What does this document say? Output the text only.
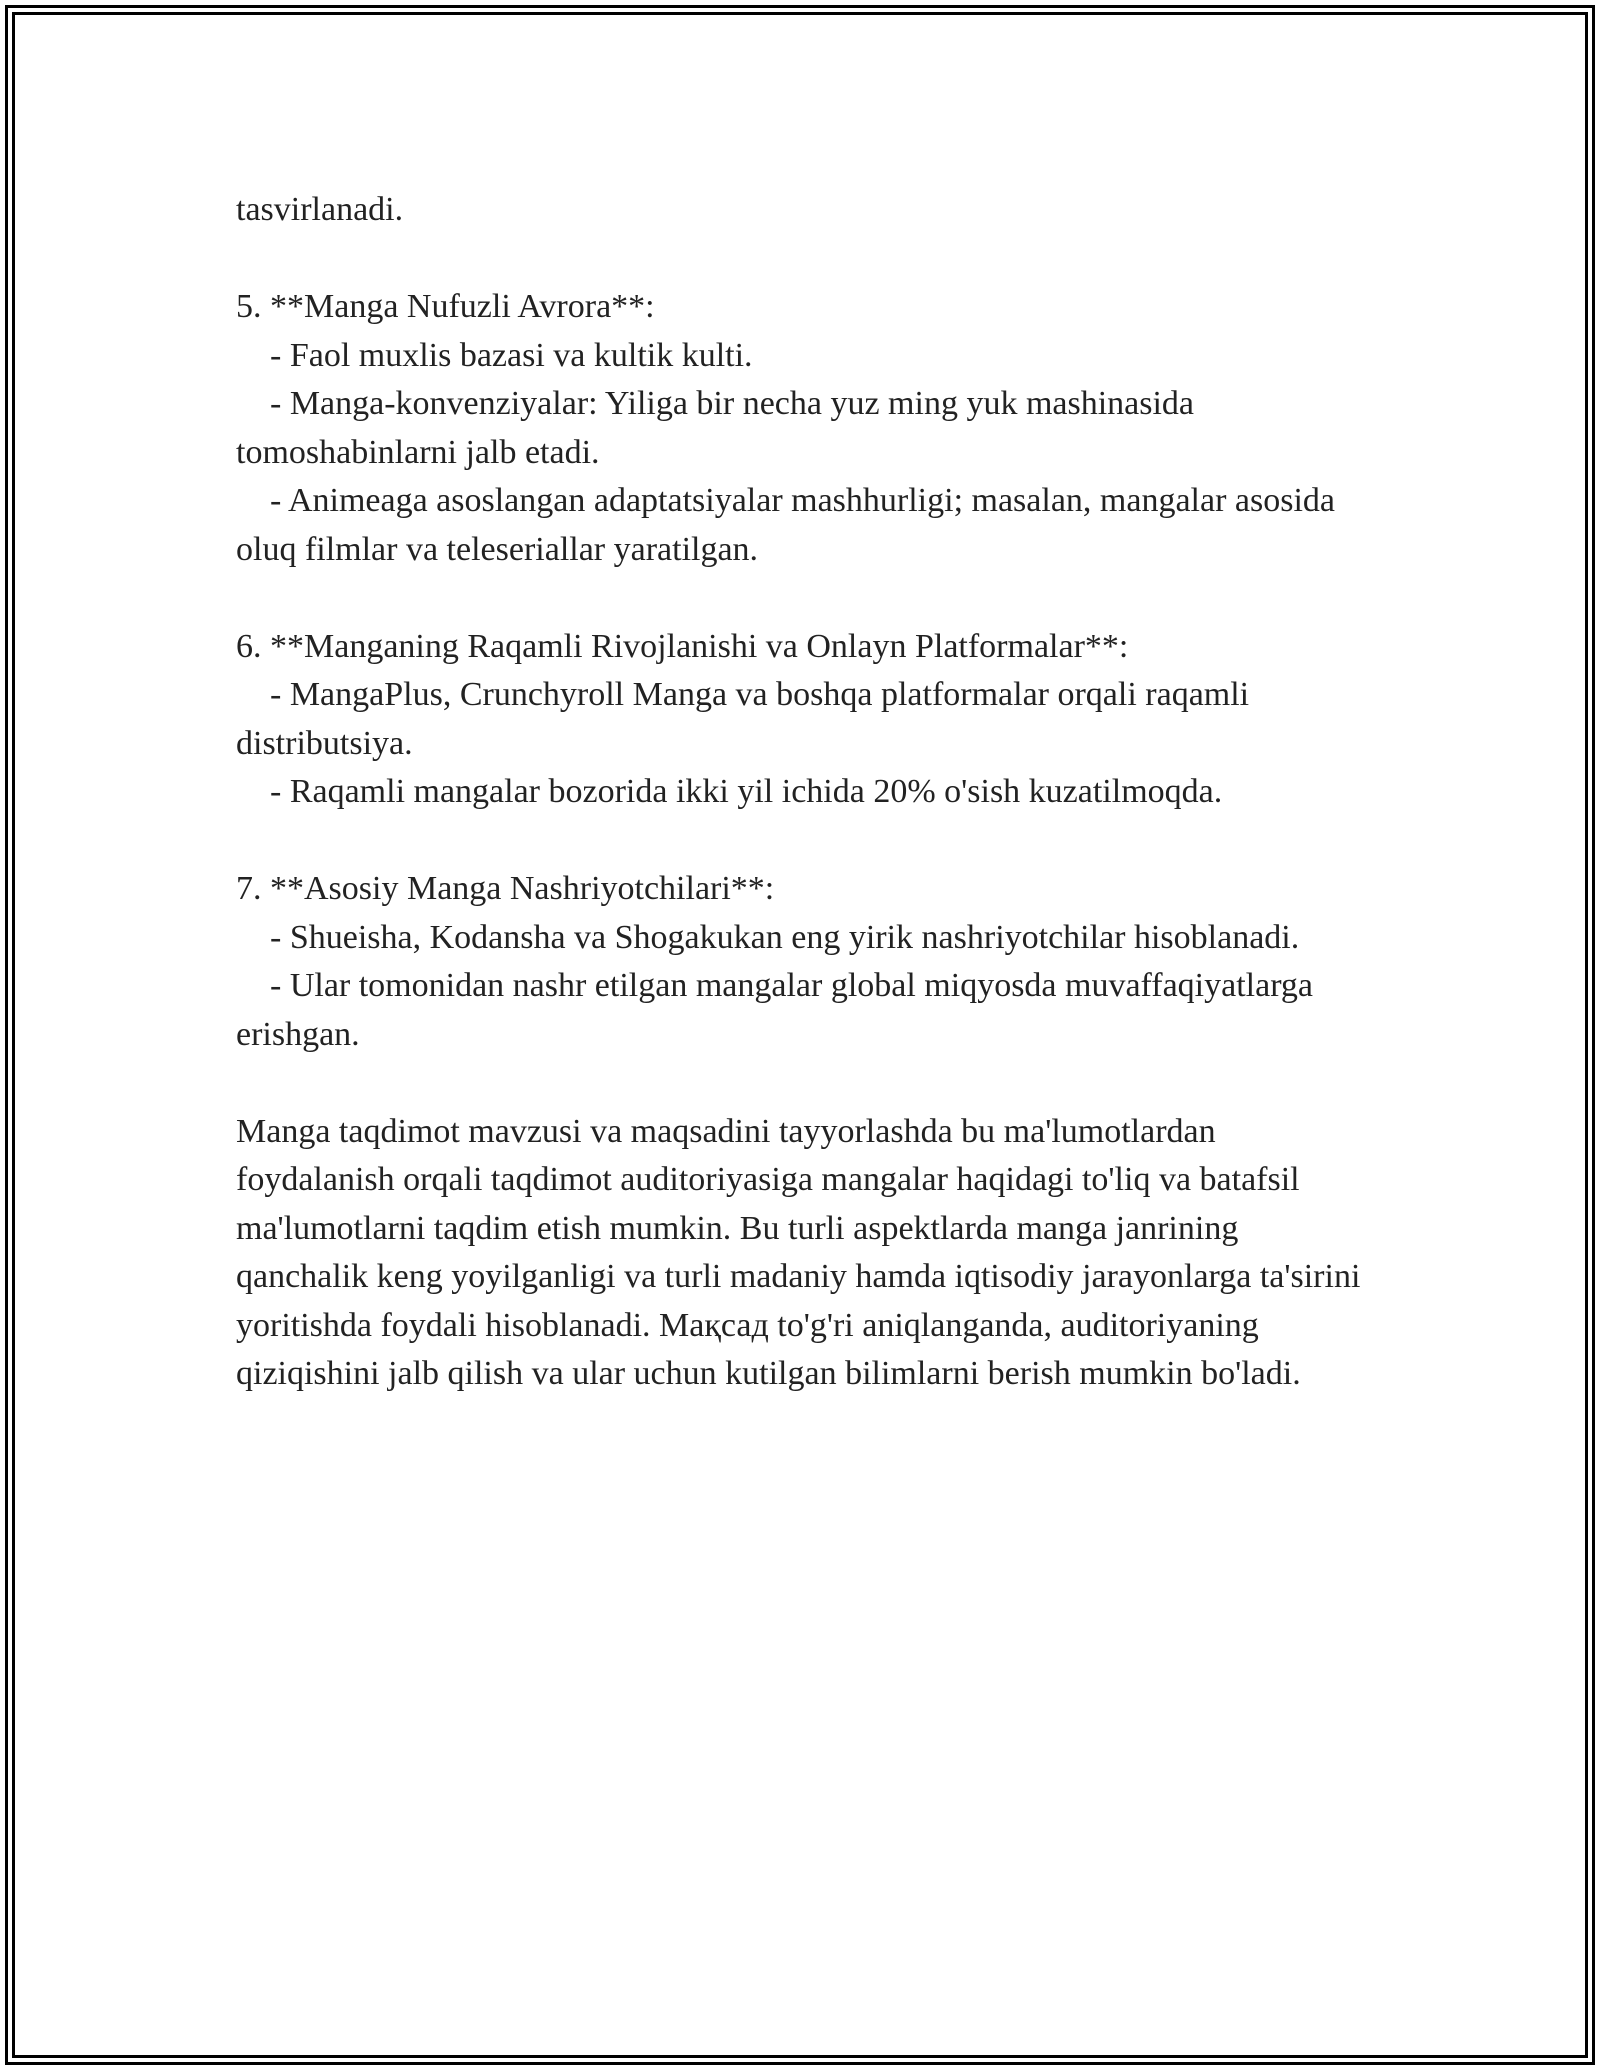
tasvirlanadi.

5. **Manga Nufuzli Avrora**:

- Faol muxlis bazasi va kultik kulti.

- Manga-konvenziyalar: Yiliga bir necha yuz ming yuk mashinasida tomoshabinlarni jalb etadi.

- Animeaga asoslangan adaptatsiyalar mashhurligi; masalan, mangalar asosida oluq filmlar va teleseriallar yaratilgan.

6. **Manganing Raqamli Rivojlanishi va Onlayn Platformalar**:

- MangaPlus, Crunchyroll Manga va boshqa platformalar orqali raqamli distributsiya.

- Raqamli mangalar bozorida ikki yil ichida 20% o'sish kuzatilmoqda.

7. **Asosiy Manga Nashriyotchilari**:

- Shueisha, Kodansha va Shogakukan eng yirik nashriyotchilar hisoblanadi.

- Ular tomonidan nashr etilgan mangalar global miqyosda muvaffaqiyatlarga erishgan.

Manga taqdimot mavzusi va maqsadini tayyorlashda bu ma'lumotlardan foydalanish orqali taqdimot auditoriyasiga mangalar haqidagi to'liq va batafsil ma'lumotlarni taqdim etish mumkin. Bu turli aspektlarda manga janrining qanchalik keng yoyilganligi va turli madaniy hamda iqtisodiy jarayonlarga ta'sirini yoritishda foydali hisoblanadi. Мақсад to'g'ri aniqlanganda, auditoriyaning qiziqishini jalb qilish va ular uchun kutilgan bilimlarni berish mumkin bo'ladi.
